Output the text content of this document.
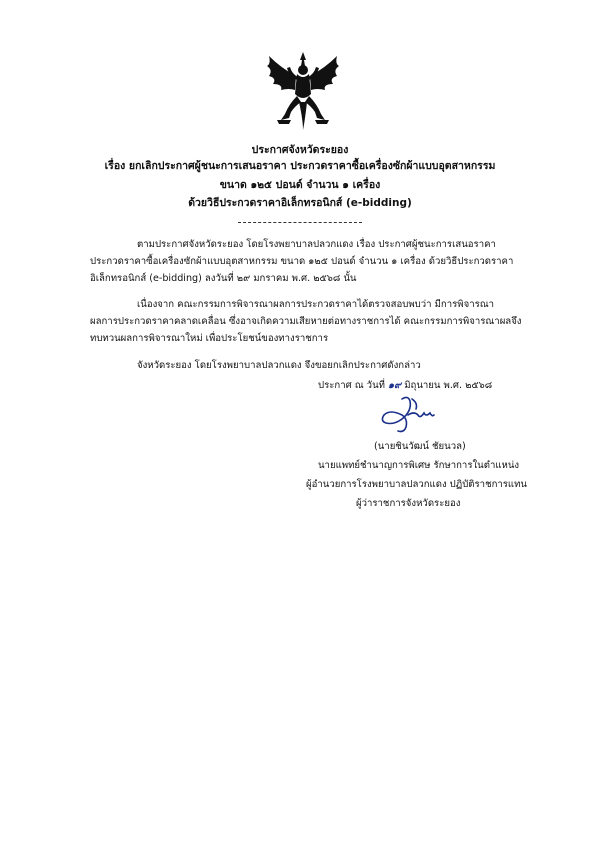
ประกาศจังหวัดระยอง
เรื่อง ยกเลิกประกาศผู้ชนะการเสนอราคา ประกวดราคาซื้อเครื่องซักผ้าแบบอุตสาหกรรม
ขนาด ๑๒๕ ปอนด์ จำนวน ๑ เครื่อง
ด้วยวิธีประกวดราคาอิเล็กทรอนิกส์ (e-bidding)
ตามประกาศจังหวัดระยอง โดยโรงพยาบาลปลวกแดง เรื่อง ประกาศผู้ชนะการเสนอราคา
ประกวดราคาซื้อเครื่องซักผ้าแบบอุตสาหกรรม ขนาด ๑๒๕ ปอนด์ จำนวน ๑ เครื่อง ด้วยวิธีประกวดราคา
อิเล็กทรอนิกส์ (e-bidding) ลงวันที่ ๒๙ มกราคม พ.ศ. ๒๕๖๘ นั้น
เนื่องจาก คณะกรรมการพิจารณาผลการประกวดราคาได้ตรวจสอบพบว่า มีการพิจารณา
ผลการประกวดราคาคลาดเคลื่อน ซึ่งอาจเกิดความเสียหายต่อทางราชการได้ คณะกรรมการพิจารณาผลจึง
ทบทวนผลการพิจารณาใหม่ เพื่อประโยชน์ของทางราชการ
จังหวัดระยอง โดยโรงพยาบาลปลวกแดง จึงขอยกเลิกประกาศดังกล่าว
ประกาศ ณ วันที่ ๑๙ มิถุนายน พ.ศ. ๒๕๖๘
(นายชินวัฒน์ ชัยนวล)
นายแพทย์ชำนาญการพิเศษ รักษาการในตำแหน่ง
ผู้อำนวยการโรงพยาบาลปลวกแดง ปฏิบัติราชการแทน
ผู้ว่าราชการจังหวัดระยอง
